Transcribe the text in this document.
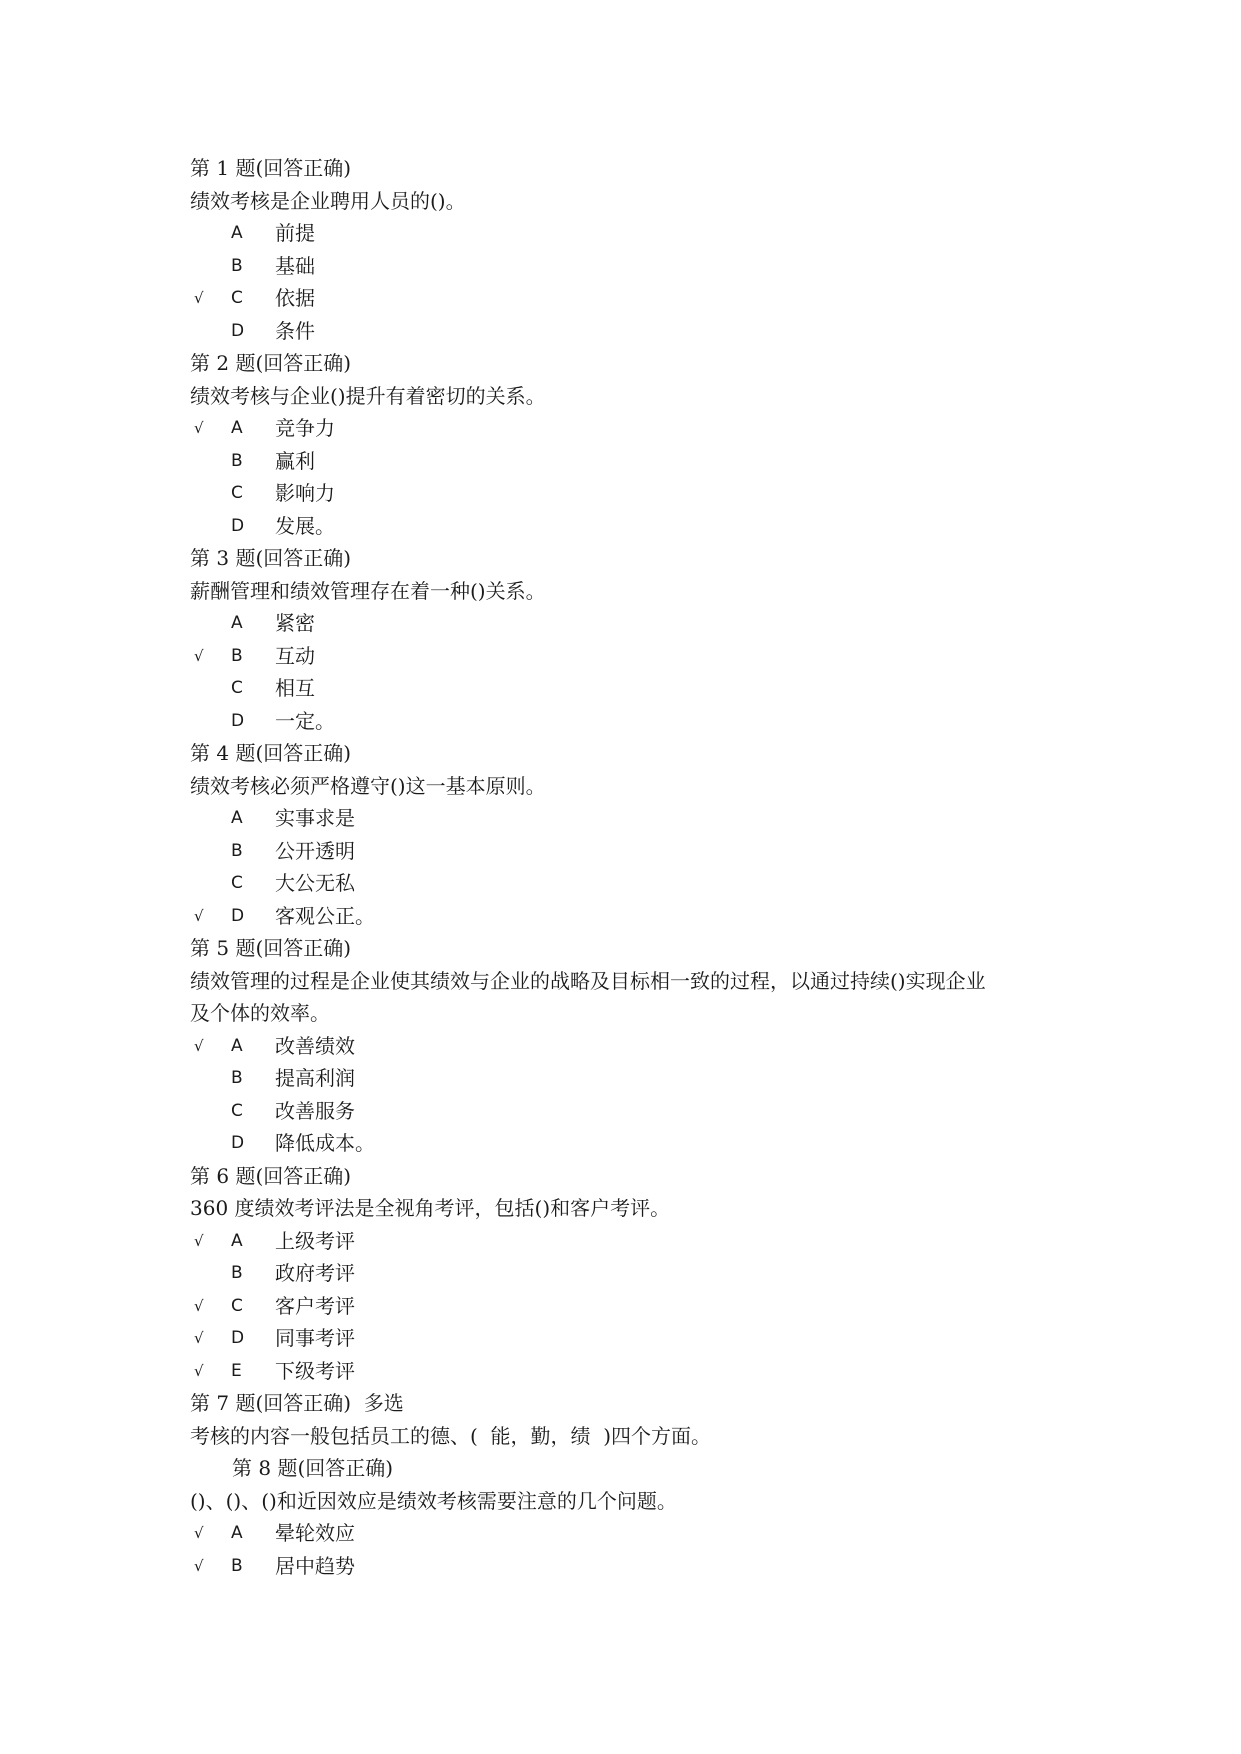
第 1 题(回答正确)

绩效考核是企业聘用人员的()。

A	前提
B	基础
√	C	依据
D	条件

第 2 题(回答正确)

绩效考核与企业()提升有着密切的关系。

√	A	竞争力
B	赢利
C	影响力
D	发展。

第 3 题(回答正确)

薪酬管理和绩效管理存在着一种()关系。

A	紧密
√	B	互动
C	相互
D	一定。

第 4 题(回答正确)

绩效考核必须严格遵守()这一基本原则。

A	实事求是
B	公开透明
C	大公无私
√	D	客观公正。

第 5 题(回答正确)

绩效管理的过程是企业使其绩效与企业的战略及目标相一致的过程，以通过持续()实现企业

及个体的效率。

√	A	改善绩效
B	提高利润
C	改善服务
D	降低成本。

第 6 题(回答正确)

360 度绩效考评法是全视角考评，包括()和客户考评。

√	A	上级考评
B	政府考评
√	C	客户考评
√	D	同事考评
√	E	下级考评

第 7 题(回答正确)  多选

考核的内容一般包括员工的德、(  能，勤，绩  )四个方面。

第 8 题(回答正确)

()、()、()和近因效应是绩效考核需要注意的几个问题。

√	A	晕轮效应
√	B	居中趋势
